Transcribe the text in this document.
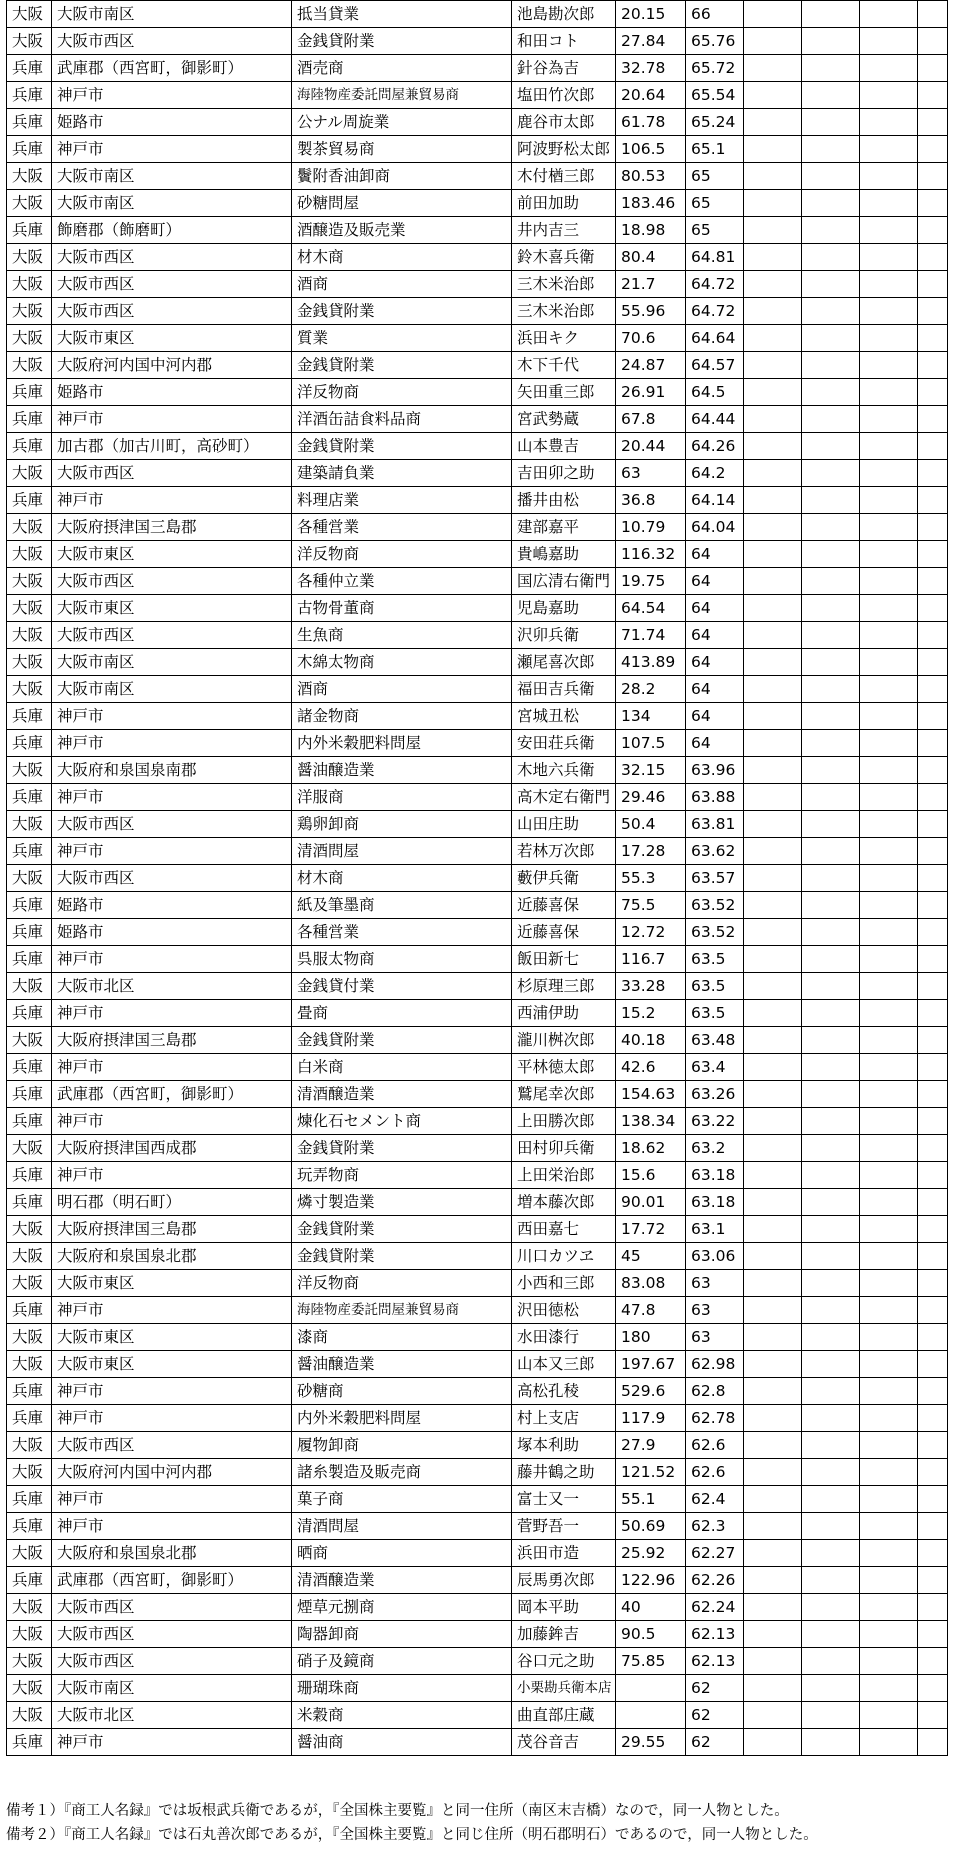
大阪	大阪市南区	抵当貸業	池島勘次郎	20.15	66				
大阪	大阪市西区	金銭貸附業	和田コト	27.84	65.76				
兵庫	武庫郡（西宮町，御影町）	酒売商	針谷為吉	32.78	65.72				
兵庫	神戸市	海陸物産委託問屋兼貿易商	塩田竹次郎	20.64	65.54				
兵庫	姫路市	公ナル周旋業	鹿谷市太郎	61.78	65.24				
兵庫	神戸市	製茶貿易商	阿波野松太郎	106.5	65.1				
大阪	大阪市南区	鬢附香油卸商	木付楢三郎	80.53	65				
大阪	大阪市南区	砂糖問屋	前田加助	183.46	65				
兵庫	飾磨郡（飾磨町）	酒醸造及販売業	井内吉三	18.98	65				
大阪	大阪市西区	材木商	鈴木喜兵衛	80.4	64.81				
大阪	大阪市西区	酒商	三木米治郎	21.7	64.72				
大阪	大阪市西区	金銭貸附業	三木米治郎	55.96	64.72				
大阪	大阪市東区	質業	浜田キク	70.6	64.64				
大阪	大阪府河内国中河内郡	金銭貸附業	木下千代	24.87	64.57				
兵庫	姫路市	洋反物商	矢田重三郎	26.91	64.5				
兵庫	神戸市	洋酒缶詰食料品商	宮武勢蔵	67.8	64.44				
兵庫	加古郡（加古川町，高砂町）	金銭貸附業	山本豊吉	20.44	64.26				
大阪	大阪市西区	建築請負業	吉田卯之助	63	64.2				
兵庫	神戸市	料理店業	播井由松	36.8	64.14				
大阪	大阪府摂津国三島郡	各種営業	建部嘉平	10.79	64.04				
大阪	大阪市東区	洋反物商	貴嶋嘉助	116.32	64				
大阪	大阪市西区	各種仲立業	国広清右衛門	19.75	64				
大阪	大阪市東区	古物骨董商	児島嘉助	64.54	64				
大阪	大阪市西区	生魚商	沢卯兵衛	71.74	64				
大阪	大阪市南区	木綿太物商	瀬尾喜次郎	413.89	64				
大阪	大阪市南区	酒商	福田吉兵衛	28.2	64				
兵庫	神戸市	諸金物商	宮城丑松	134	64				
兵庫	神戸市	内外米穀肥料問屋	安田荘兵衛	107.5	64				
大阪	大阪府和泉国泉南郡	醤油醸造業	木地六兵衛	32.15	63.96				
兵庫	神戸市	洋服商	高木定右衛門	29.46	63.88				
大阪	大阪市西区	鶏卵卸商	山田庄助	50.4	63.81				
兵庫	神戸市	清酒問屋	若林万次郎	17.28	63.62				
大阪	大阪市西区	材木商	藪伊兵衛	55.3	63.57				
兵庫	姫路市	紙及筆墨商	近藤喜保	75.5	63.52				
兵庫	姫路市	各種営業	近藤喜保	12.72	63.52				
兵庫	神戸市	呉服太物商	飯田新七	116.7	63.5				
大阪	大阪市北区	金銭貸付業	杉原理三郎	33.28	63.5				
兵庫	神戸市	畳商	西浦伊助	15.2	63.5				
大阪	大阪府摂津国三島郡	金銭貸附業	瀧川桝次郎	40.18	63.48				
兵庫	神戸市	白米商	平林徳太郎	42.6	63.4				
兵庫	武庫郡（西宮町，御影町）	清酒醸造業	鷲尾幸次郎	154.63	63.26				
兵庫	神戸市	煉化石セメント商	上田勝次郎	138.34	63.22				
大阪	大阪府摂津国西成郡	金銭貸附業	田村卯兵衛	18.62	63.2				
兵庫	神戸市	玩弄物商	上田栄治郎	15.6	63.18				
兵庫	明石郡（明石町）	燐寸製造業	増本藤次郎	90.01	63.18				
大阪	大阪府摂津国三島郡	金銭貸附業	西田嘉七	17.72	63.1				
大阪	大阪府和泉国泉北郡	金銭貸附業	川口カツヱ	45	63.06				
大阪	大阪市東区	洋反物商	小西和三郎	83.08	63				
兵庫	神戸市	海陸物産委託問屋兼貿易商	沢田徳松	47.8	63				
大阪	大阪市東区	漆商	水田漆行	180	63				
大阪	大阪市東区	醤油醸造業	山本又三郎	197.67	62.98				
兵庫	神戸市	砂糖商	高松孔稜	529.6	62.8				
兵庫	神戸市	内外米穀肥料問屋	村上支店	117.9	62.78				
大阪	大阪市西区	履物卸商	塚本利助	27.9	62.6				
大阪	大阪府河内国中河内郡	諸糸製造及販売商	藤井鶴之助	121.52	62.6				
兵庫	神戸市	菓子商	富士又一	55.1	62.4				
兵庫	神戸市	清酒問屋	菅野吾一	50.69	62.3				
大阪	大阪府和泉国泉北郡	晒商	浜田市造	25.92	62.27				
兵庫	武庫郡（西宮町，御影町）	清酒醸造業	辰馬勇次郎	122.96	62.26				
大阪	大阪市西区	煙草元捌商	岡本平助	40	62.24				
大阪	大阪市西区	陶器卸商	加藤鉾吉	90.5	62.13				
大阪	大阪市西区	硝子及鏡商	谷口元之助	75.85	62.13				
大阪	大阪市南区	珊瑚珠商	小栗勘兵衛本店		62				
大阪	大阪市北区	米穀商	曲直部庄蔵		62				
兵庫	神戸市	醤油商	茂谷音吉	29.55	62				
備考１）『商工人名録』では坂根武兵衛であるが，『全国株主要覧』と同一住所（南区末吉橋）なので，同一人物とした。
備考２）『商工人名録』では石丸善次郎であるが，『全国株主要覧』と同じ住所（明石郡明石）であるので，同一人物とした。
